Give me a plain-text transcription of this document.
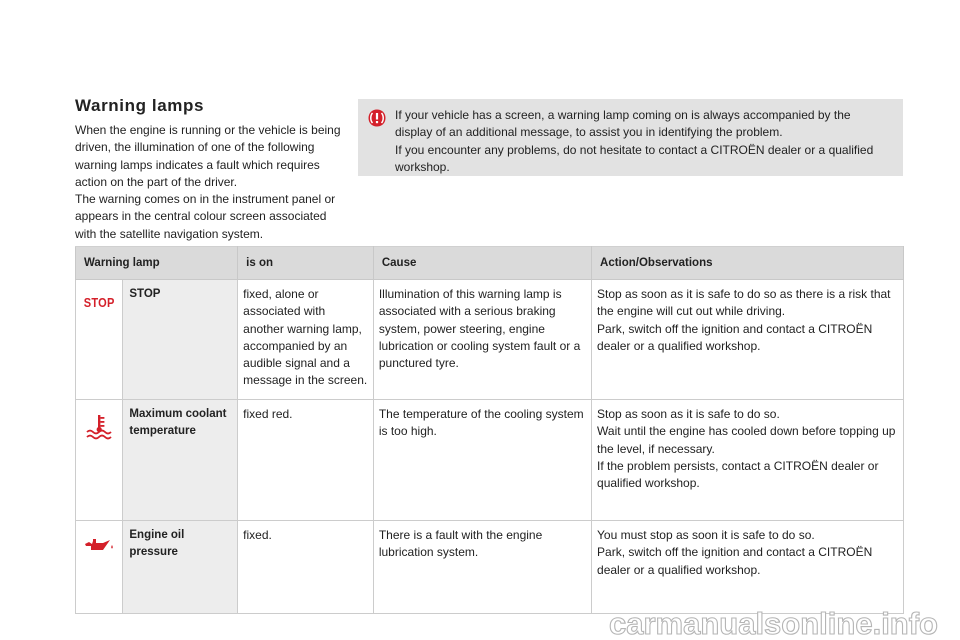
Warning lamps

When the engine is running or the vehicle is being driven, the illumination of one of the following warning lamps indicates a fault which requires action on the part of the driver.

The warning comes on in the instrument panel or appears in the central colour screen associated with the satellite navigation system.

If your vehicle has a screen, a warning lamp coming on is always accompanied by the display of an additional message, to assist you in identifying the problem.

If you encounter any problems, do not hesitate to contact a CITROËN dealer or a qualified workshop.

Warning lamp		is on	Cause	Action/Observations
STOP	STOP	fixed, alone or associated with another warning lamp, accompanied by an audible signal and a message in the screen.	Illumination of this warning lamp is associated with a serious braking system, power steering, engine lubrication or cooling system fault or a punctured tyre.	Stop as soon as it is safe to do so as there is a risk that the engine will cut out while driving.

Park, switch off the ignition and contact a CITROËN dealer or a qualified workshop.

	Maximum coolant temperature	fixed red.	The temperature of the cooling system is too high.	Stop as soon as it is safe to do so.

Wait until the engine has cooled down before topping up the level, if necessary.

If the problem persists, contact a CITROËN dealer or qualified workshop.

	Engine oil pressure	fixed.	There is a fault with the engine lubrication system.	You must stop as soon it is safe to do so.

Park, switch off the ignition and contact a CITROËN dealer or a qualified workshop.

carmanualsonline.info
